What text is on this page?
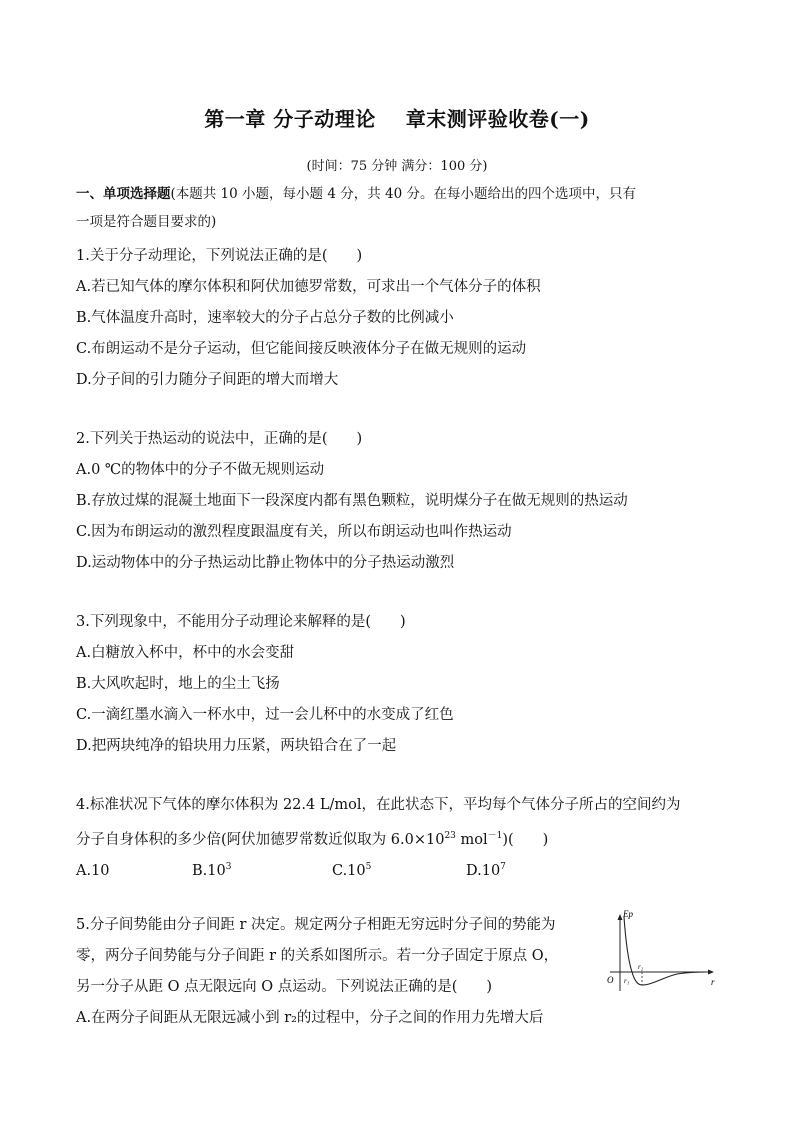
第一章 分子动理论 章末测评验收卷(一)
(时间：75 分钟 满分：100 分)
一、单项选择题(本题共 10 小题，每小题 4 分，共 40 分。在每小题给出的四个选项中，只有
一项是符合题目要求的)
1.关于分子动理论，下列说法正确的是(　　)
A.若已知气体的摩尔体积和阿伏加德罗常数，可求出一个气体分子的体积
B.气体温度升高时，速率较大的分子占总分子数的比例减小
C.布朗运动不是分子运动，但它能间接反映液体分子在做无规则的运动
D.分子间的引力随分子间距的增大而增大
2.下列关于热运动的说法中，正确的是(　　)
A.0 ℃的物体中的分子不做无规则运动
B.存放过煤的混凝土地面下一段深度内都有黑色颗粒，说明煤分子在做无规则的热运动
C.因为布朗运动的激烈程度跟温度有关，所以布朗运动也叫作热运动
D.运动物体中的分子热运动比静止物体中的分子热运动激烈
3.下列现象中，不能用分子动理论来解释的是(　　)
A.白糖放入杯中，杯中的水会变甜
B.大风吹起时，地上的尘土飞扬
C.一滴红墨水滴入一杯水中，过一会儿杯中的水变成了红色
D.把两块纯净的铅块用力压紧，两块铅合在了一起
4.标准状况下气体的摩尔体积为 22.4 L/mol，在此状态下，平均每个气体分子所占的空间约为
分子自身体积的多少倍(阿伏加德罗常数近似取为 $6.0\times 10^{23}$ mol$^{-1}$)(　　)
A.10	$B.10^3$	$C.10^5$	$D.10^7$
5.分子间势能由分子间距 r 决定。规定两分子相距无穷远时分子间的势能为
零，两分子间势能与分子间距 r 的关系如图所示。若一分子固定于原点 O，
另一分子从距 O 点无限远向 O 点运动。下列说法正确的是(　　)
A.在两分子间距从无限远减小到 r₂的过程中，分子之间的作用力先增大后
Ep
r
O r₁
r₂
